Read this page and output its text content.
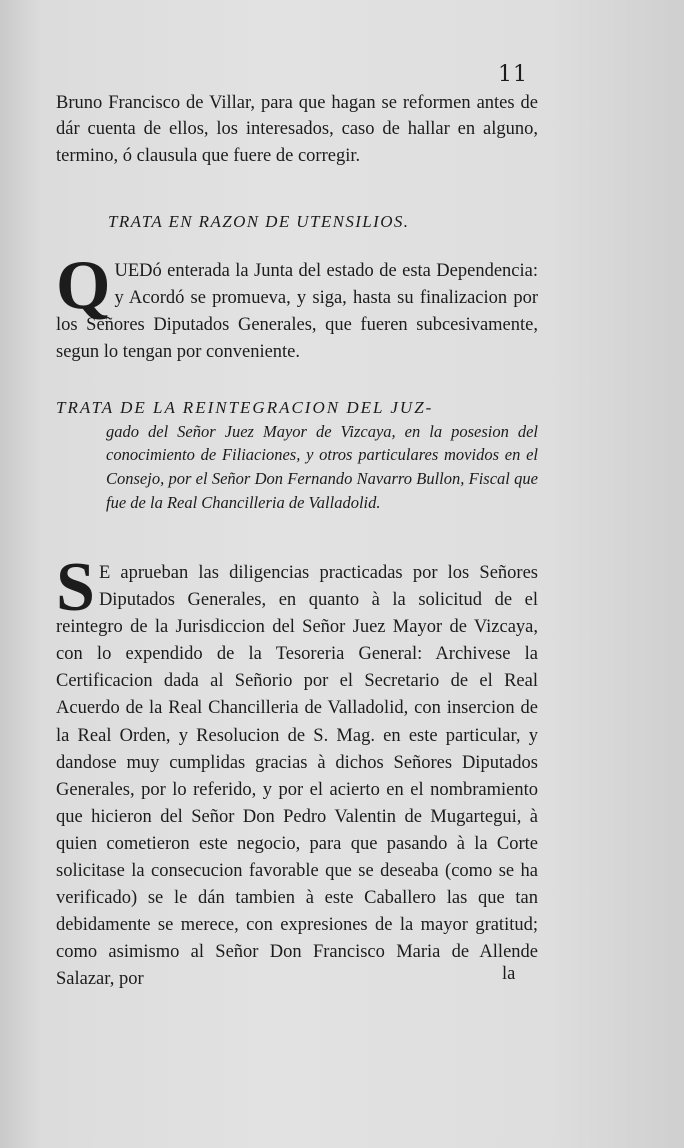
11
Bruno Francisco de Villar, para que hagan se reformen antes de dár cuenta de ellos, los interesados, caso de hallar en alguno, termino, ó clausula que fuere de corregir.
TRATA EN RAZON DE UTENSILIOS.
Q UEDó enterada la Junta del estado de esta Dependencia: y Acordó se promueva, y siga, hasta su finalizacion por los Señores Diputados Generales, que fueren subcesivamente, segun lo tengan por conveniente.
TRATA DE LA REINTEGRACION DEL JUZ-
gado del Señor Juez Mayor de Vizcaya, en la posesion del conocimiento de Filiaciones, y otros particulares movidos en el Consejo, por el Señor Don Fernando Navarro Bullon, Fiscal que fue de la Real Chancilleria de Valladolid.
S E aprueban las diligencias practicadas por los Señores Diputados Generales, en quanto à la solicitud de el reintegro de la Jurisdiccion del Señor Juez Mayor de Vizcaya, con lo expendido de la Tesoreria General: Archivese la Certificacion dada al Señorio por el Secretario de el Real Acuerdo de la Real Chancilleria de Valladolid, con insercion de la Real Orden, y Resolucion de S. Mag. en este particular, y dandose muy cumplidas gracias à dichos Señores Diputados Generales, por lo referido, y por el acierto en el nombramiento que hicieron del Señor Don Pedro Valentin de Mugartegui, à quien cometieron este negocio, para que pasando à la Corte solicitase la consecucion favorable que se deseaba (como se ha verificado) se le dán tambien à este Caballero las que tan debidamente se merece, con expresiones de la mayor gratitud; como asimismo al Señor Don Francisco Maria de Allende Salazar, por	la
